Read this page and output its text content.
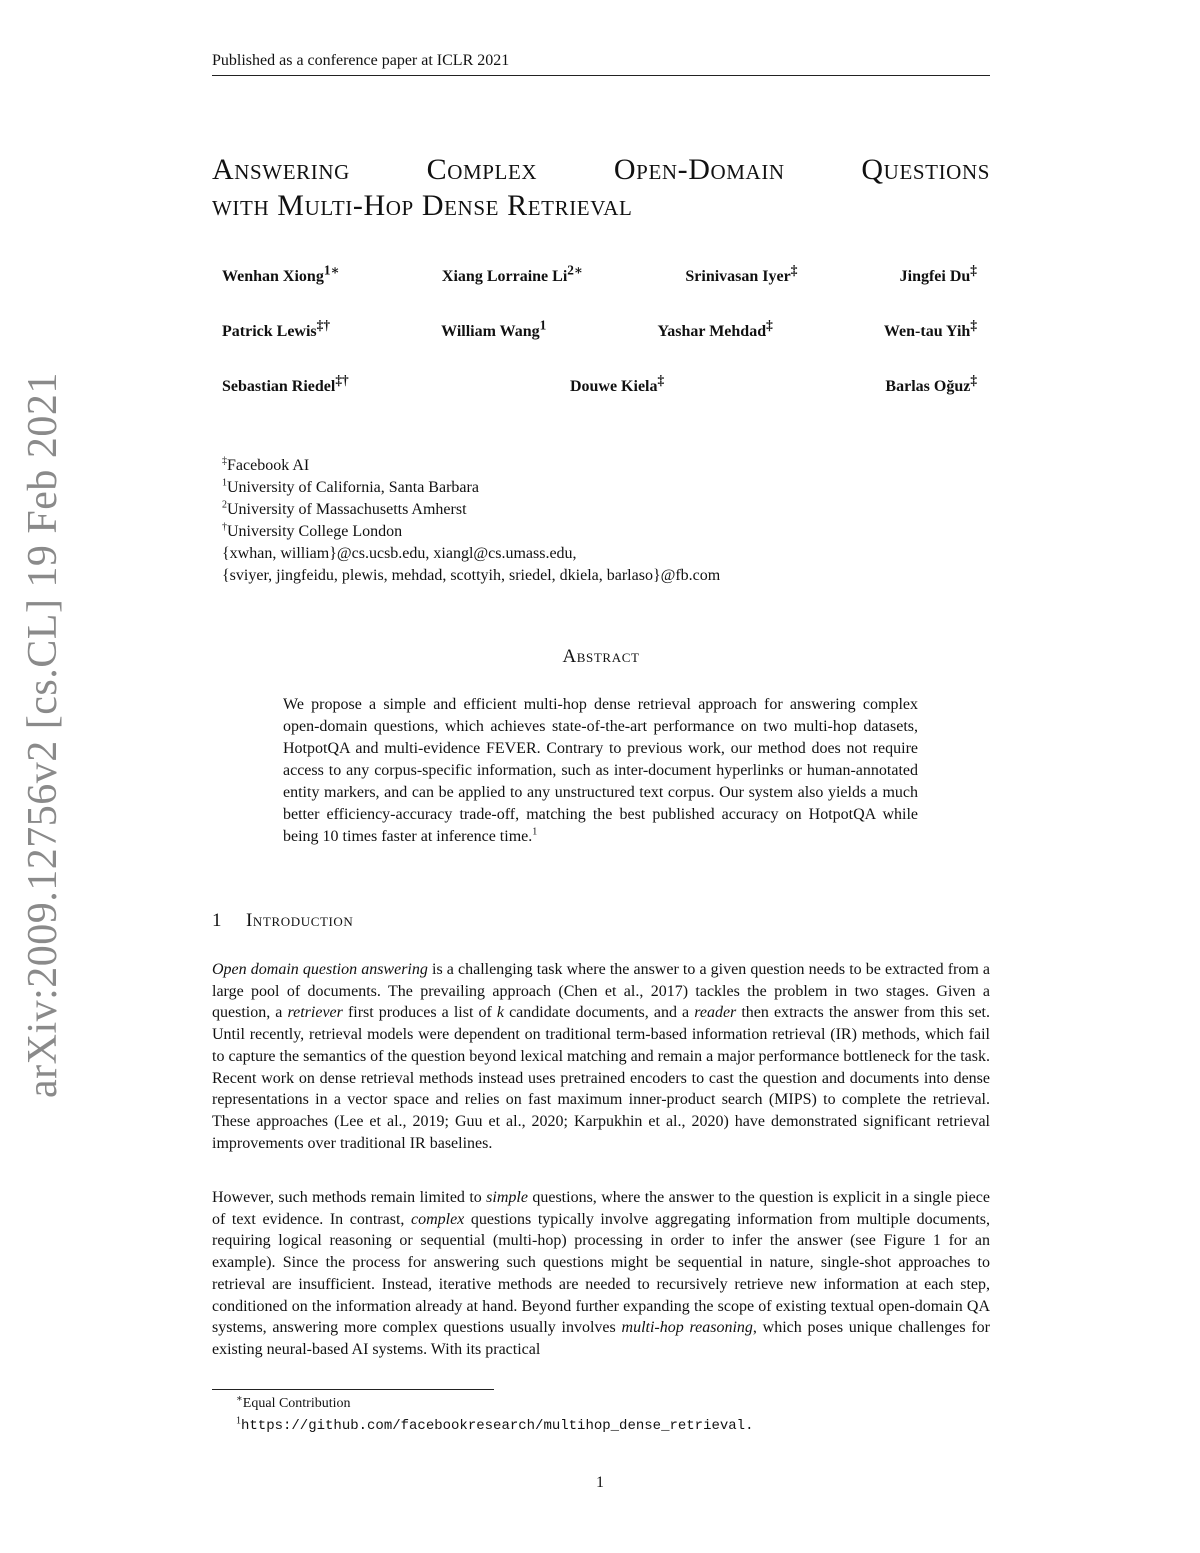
Published as a conference paper at ICLR 2021
arXiv:2009.12756v2 [cs.CL] 19 Feb 2021
Answering	Complex	Open-Domain	Questions
with Multi-Hop Dense Retrieval
Wenhan Xiong$^{1∗}$	Xiang Lorraine $Li^{2∗}$	Srinivasan Iyer‡	Jingfei Du‡
Patrick Lewis‡†	William Wang$^1$	Yashar Mehdad‡	Wen-tau Yih‡
Sebastian Riedel‡†	Douwe Kiela‡	Barlas Oğuz‡
‡Facebook AI
$^1$University of California, Santa Barbara
$^2$University of Massachusetts Amherst
†University College London
{xwhan, william}@cs.ucsb.edu, xiangl@cs.umass.edu,
{sviyer, jingfeidu, plewis, mehdad, scottyih, sriedel, dkiela, barlaso}@fb.com
Abstract
We propose a simple and efficient multi-hop dense retrieval approach for answering complex open-domain questions, which achieves state-of-the-art performance on two multi-hop datasets, HotpotQA and multi-evidence FEVER. Contrary to previous work, our method does not require access to any corpus-specific information, such as inter-document hyperlinks or human-annotated entity markers, and can be applied to any unstructured text corpus. Our system also yields a much better efficiency-accuracy trade-off, matching the best published accuracy on HotpotQA while being 10 times faster at inference time.$^1$
1 Introduction
Open domain question answering is a challenging task where the answer to a given question needs to be extracted from a large pool of documents. The prevailing approach (Chen et al., 2017) tackles the problem in two stages. Given a question, a retriever first produces a list of k candidate documents, and a reader then extracts the answer from this set. Until recently, retrieval models were dependent on traditional term-based information retrieval (IR) methods, which fail to capture the semantics of the question beyond lexical matching and remain a major performance bottleneck for the task. Recent work on dense retrieval methods instead uses pretrained encoders to cast the question and documents into dense representations in a vector space and relies on fast maximum inner-product search (MIPS) to complete the retrieval. These approaches (Lee et al., 2019; Guu et al., 2020; Karpukhin et al., 2020) have demonstrated significant retrieval improvements over traditional IR baselines.
However, such methods remain limited to simple questions, where the answer to the question is explicit in a single piece of text evidence. In contrast, complex questions typically involve aggregating information from multiple documents, requiring logical reasoning or sequential (multi-hop) processing in order to infer the answer (see Figure 1 for an example). Since the process for answering such questions might be sequential in nature, single-shot approaches to retrieval are insufficient. Instead, iterative methods are needed to recursively retrieve new information at each step, conditioned on the information already at hand. Beyond further expanding the scope of existing textual open-domain QA systems, answering more complex questions usually involves multi-hop reasoning, which poses unique challenges for existing neural-based AI systems. With its practical
∗Equal Contribution
$^1$https://github.com/facebookresearch/multihop_dense_retrieval.
1
